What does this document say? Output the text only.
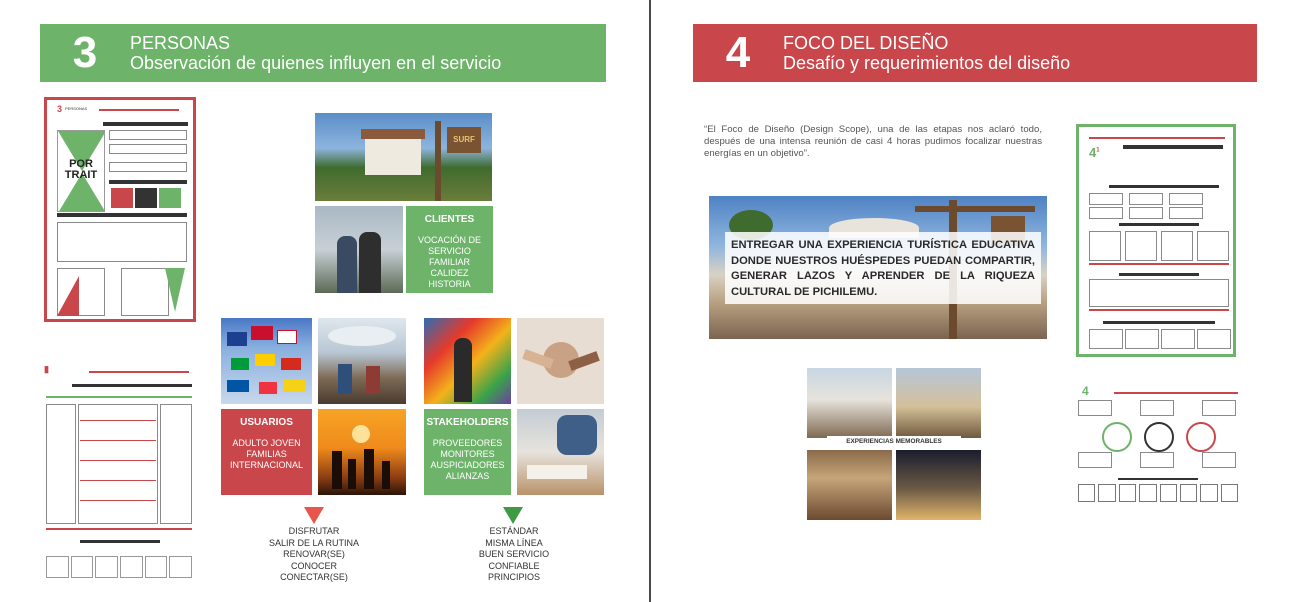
3	PERSONAS
Observación de quienes influyen en el servicio
3 PERSONAS
POR TRAIT
▮
SURF
CLIENTES
VOCACIÓN DE
SERVICIO
FAMILIAR
CALIDEZ
HISTORIA
USUARIOS
ADULTO JOVEN
FAMILIAS
INTERNACIONAL
STAKEHOLDERS
PROVEEDORES
MONITORES
AUSPICIADORES
ALIANZAS
DISFRUTAR
SALIR DE LA RUTINA
RENOVAR(SE)
CONOCER
CONECTAR(SE)
ESTÁNDAR
MISMA LÍNEA
BUEN SERVICIO
CONFIABLE
PRINCIPIOS
4	FOCO DEL DISEÑO
Desafío y requerimientos del diseño
“El Foco de Diseño (Design Scope), una de las etapas nos aclaró todo, después de una intensa reunión de casi 4 horas pudimos focalizar nuestras energías en un objetivo”.
ENTREGAR UNA EXPERIENCIA TURÍSTICA EDUCATIVA DONDE NUESTROS HUÉSPEDES PUEDAN COMPARTIR, GENERAR LAZOS Y APRENDER DE LA RIQUEZA CULTURAL DE PICHILEMU.
EXPERIENCIAS MEMORABLES
$4^1$
4
